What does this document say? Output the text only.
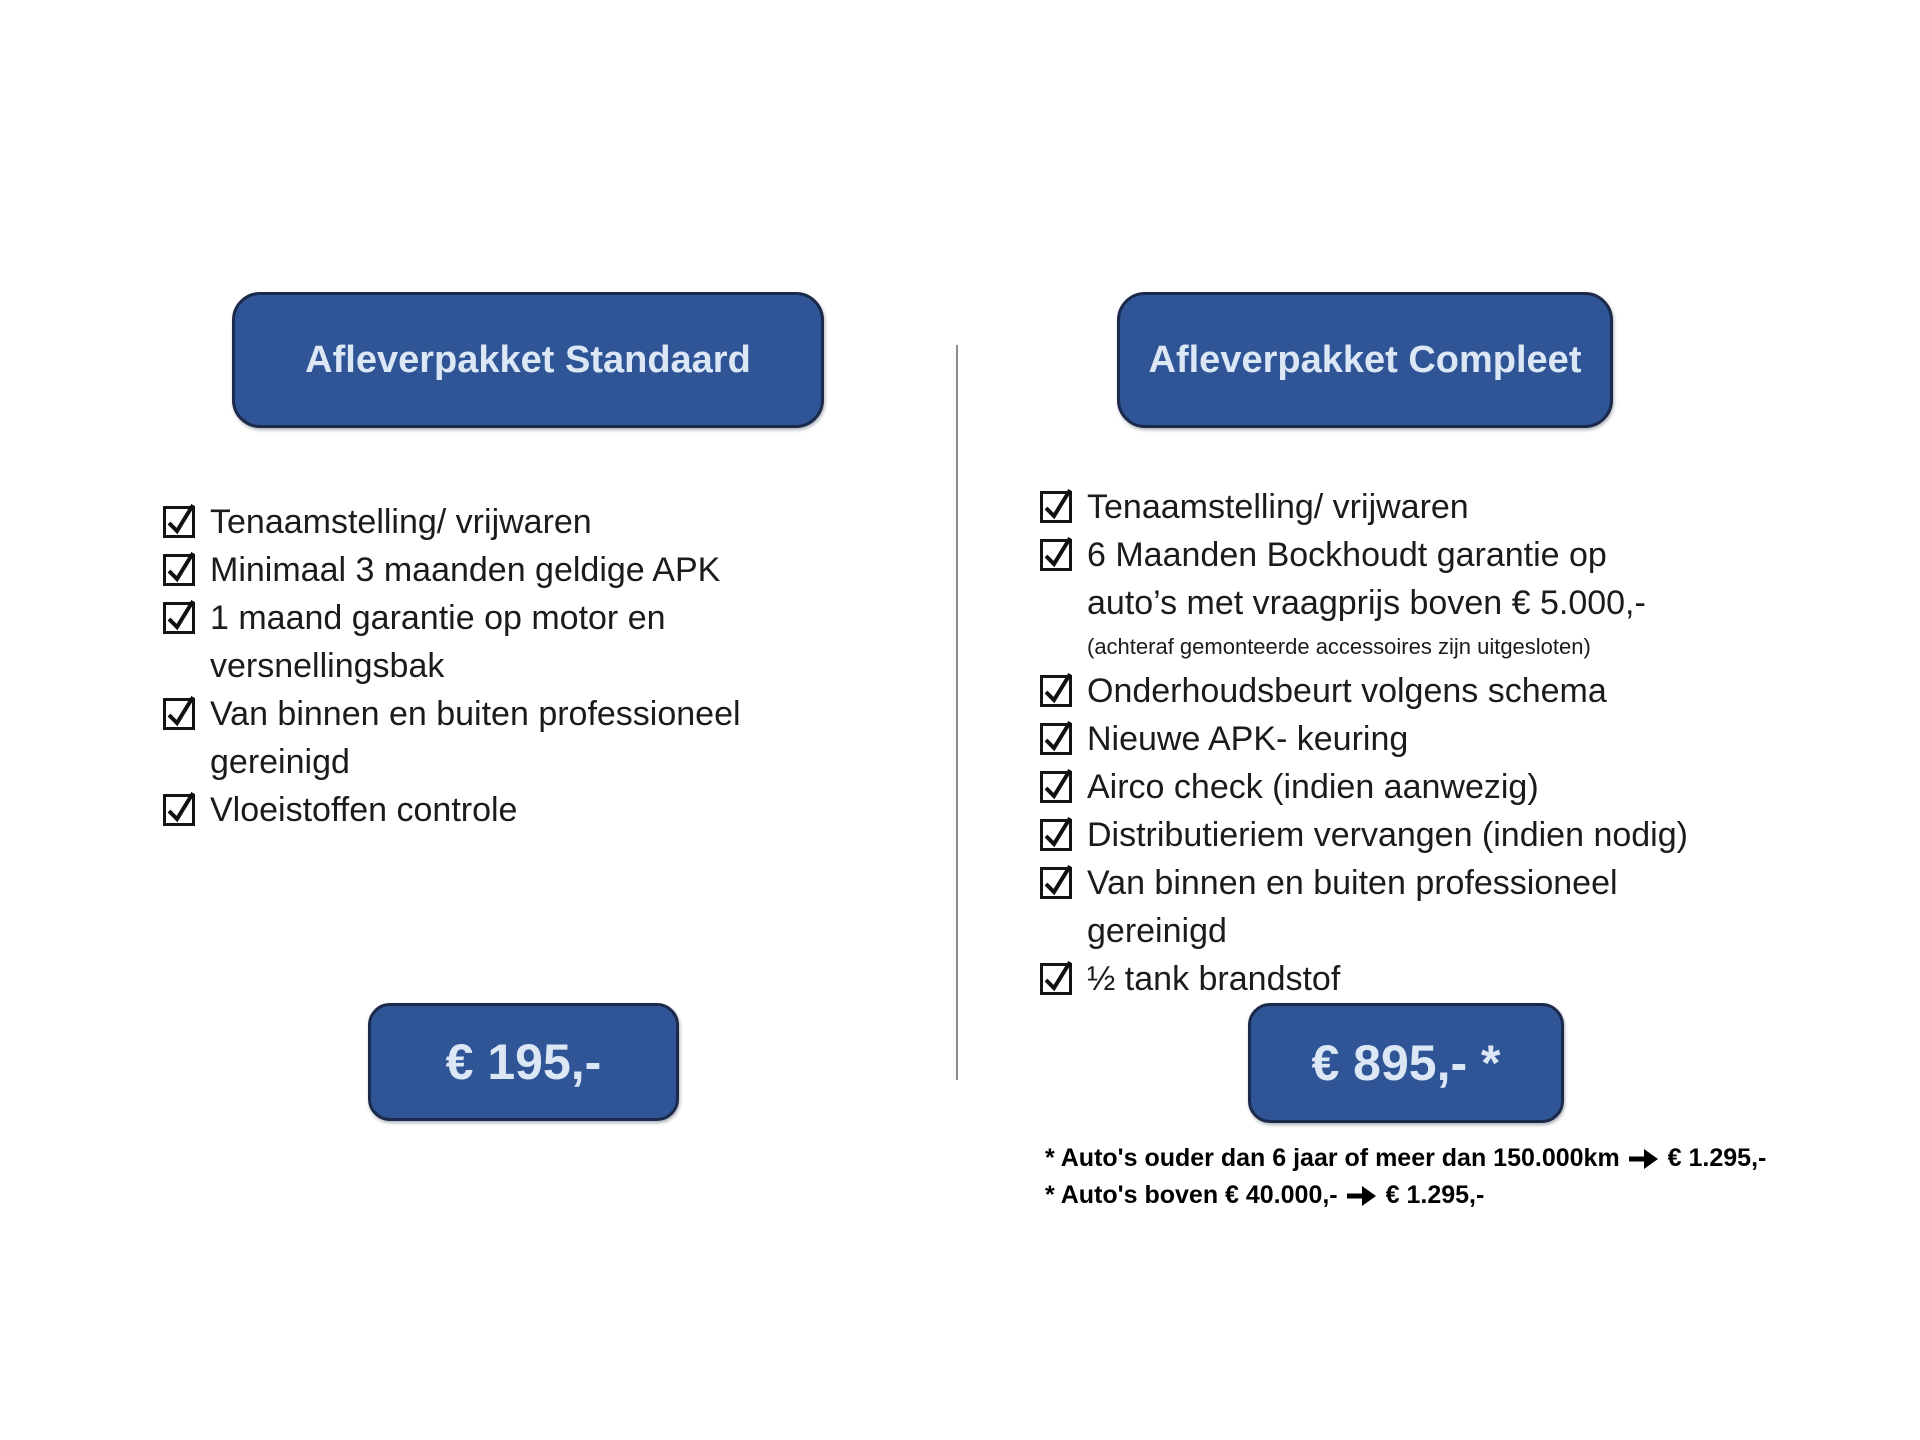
Afleverpakket Standaard
Tenaamstelling/ vrijwaren
Minimaal 3 maanden geldige APK
1 maand garantie op motor en
versnellingsbak
Van binnen en buiten professioneel
gereinigd
Vloeistoffen controle
€ 195,-
Afleverpakket Compleet
Tenaamstelling/ vrijwaren
6 Maanden Bockhoudt garantie op
auto’s met vraagprijs boven € 5.000,-
(achteraf gemonteerde accessoires zijn uitgesloten)
Onderhoudsbeurt volgens schema
Nieuwe APK- keuring
Airco check (indien aanwezig)
Distributieriem vervangen (indien nodig)
Van binnen en buiten professioneel
gereinigd
½ tank brandstof
€ 895,- *
* Auto's ouder dan 6 jaar of meer dan 150.000km € 1.295,-
* Auto's boven € 40.000,- € 1.295,-
